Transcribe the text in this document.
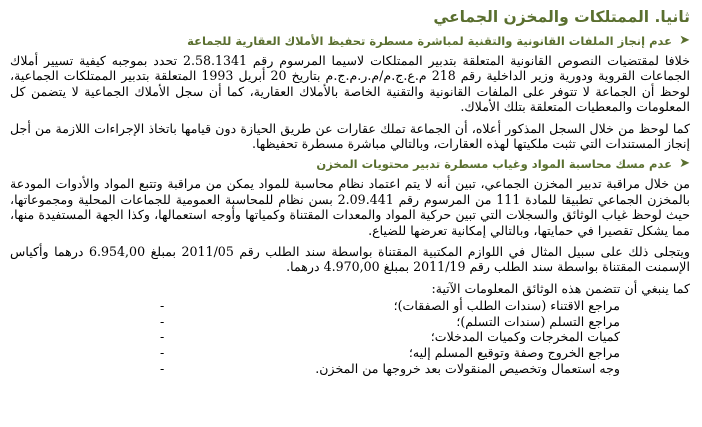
ثانيا. الممتلكات والمخزن الجماعي
➤
عدم إنجاز الملفات القانونية والتقنية لمباشرة مسطرة تحفيظ الأملاك العقارية للجماعة

خلافا لمقتضيات النصوص القانونية المتعلقة بتدبير الممتلكات لاسيما المرسوم رقم 2.58.1341 تحدد بموجبه كيفية تسيير أملاك الجماعات القروية ودورية وزير الداخلية رقم 218 م.ع.ج.م/م.ر.م.ج.م بتاريخ 20 أبريل 1993 المتعلقة بتدبير الممتلكات الجماعية، لوحظ أن الجماعة لا تتوفر على الملفات القانونية والتقنية الخاصة بالأملاك العقارية، كما أن سجل الأملاك الجماعية لا يتضمن كل المعلومات والمعطيات المتعلقة بتلك الأملاك.

كما لوحظ من خلال السجل المذكور أعلاه، أن الجماعة تملك عقارات عن طريق الحيازة دون قيامها باتخاذ الإجراءات اللازمة من أجل إنجاز المستندات التي تثبت ملكيتها لهذه العقارات، وبالتالي مباشرة مسطرة تحفيظها.

➤
عدم مسك محاسبة المواد وغياب مسطرة تدبير محتويات المخزن

من خلال مراقبة تدبير المخزن الجماعي، تبين أنه لا يتم اعتماد نظام محاسبة للمواد يمكن من مراقبة وتتبع المواد والأدوات المودعة بالمخزن الجماعي تطبيقا للمادة 111 من المرسوم رقم 2.09.441 بسن نظام للمحاسبة العمومية للجماعات المحلية ومجموعاتها، حيث لوحظ غياب الوثائق والسجلات التي تبين حركية المواد والمعدات المقتناة وكمياتها وأوجه استعمالها، وكذا الجهة المستفيدة منها، مما يشكل تقصيرا في حمايتها، وبالتالي إمكانية تعرضها للضياع.

ويتجلى ذلك على سبيل المثال في اللوازم المكتبية المقتناة بواسطة سند الطلب رقم 2011/05 بمبلغ 6.954,00 درهما وأكياس الإسمنت المقتناة بواسطة سند الطلب رقم 2011/19 بمبلغ 4.970,00 درهما.

كما ينبغي أن تتضمن هذه الوثائق المعلومات الآتية:

مراجع الاقتناء (سندات الطلب أو الصفقات)؛
-
مراجع التسلم (سندات التسلم)؛
-
كميات المخرجات وكميات المدخلات؛
-
مراجع الخروج وصفة وتوقيع المسلم إليه؛
-
وجه استعمال وتخصيص المنقولات بعد خروجها من المخزن.
-
